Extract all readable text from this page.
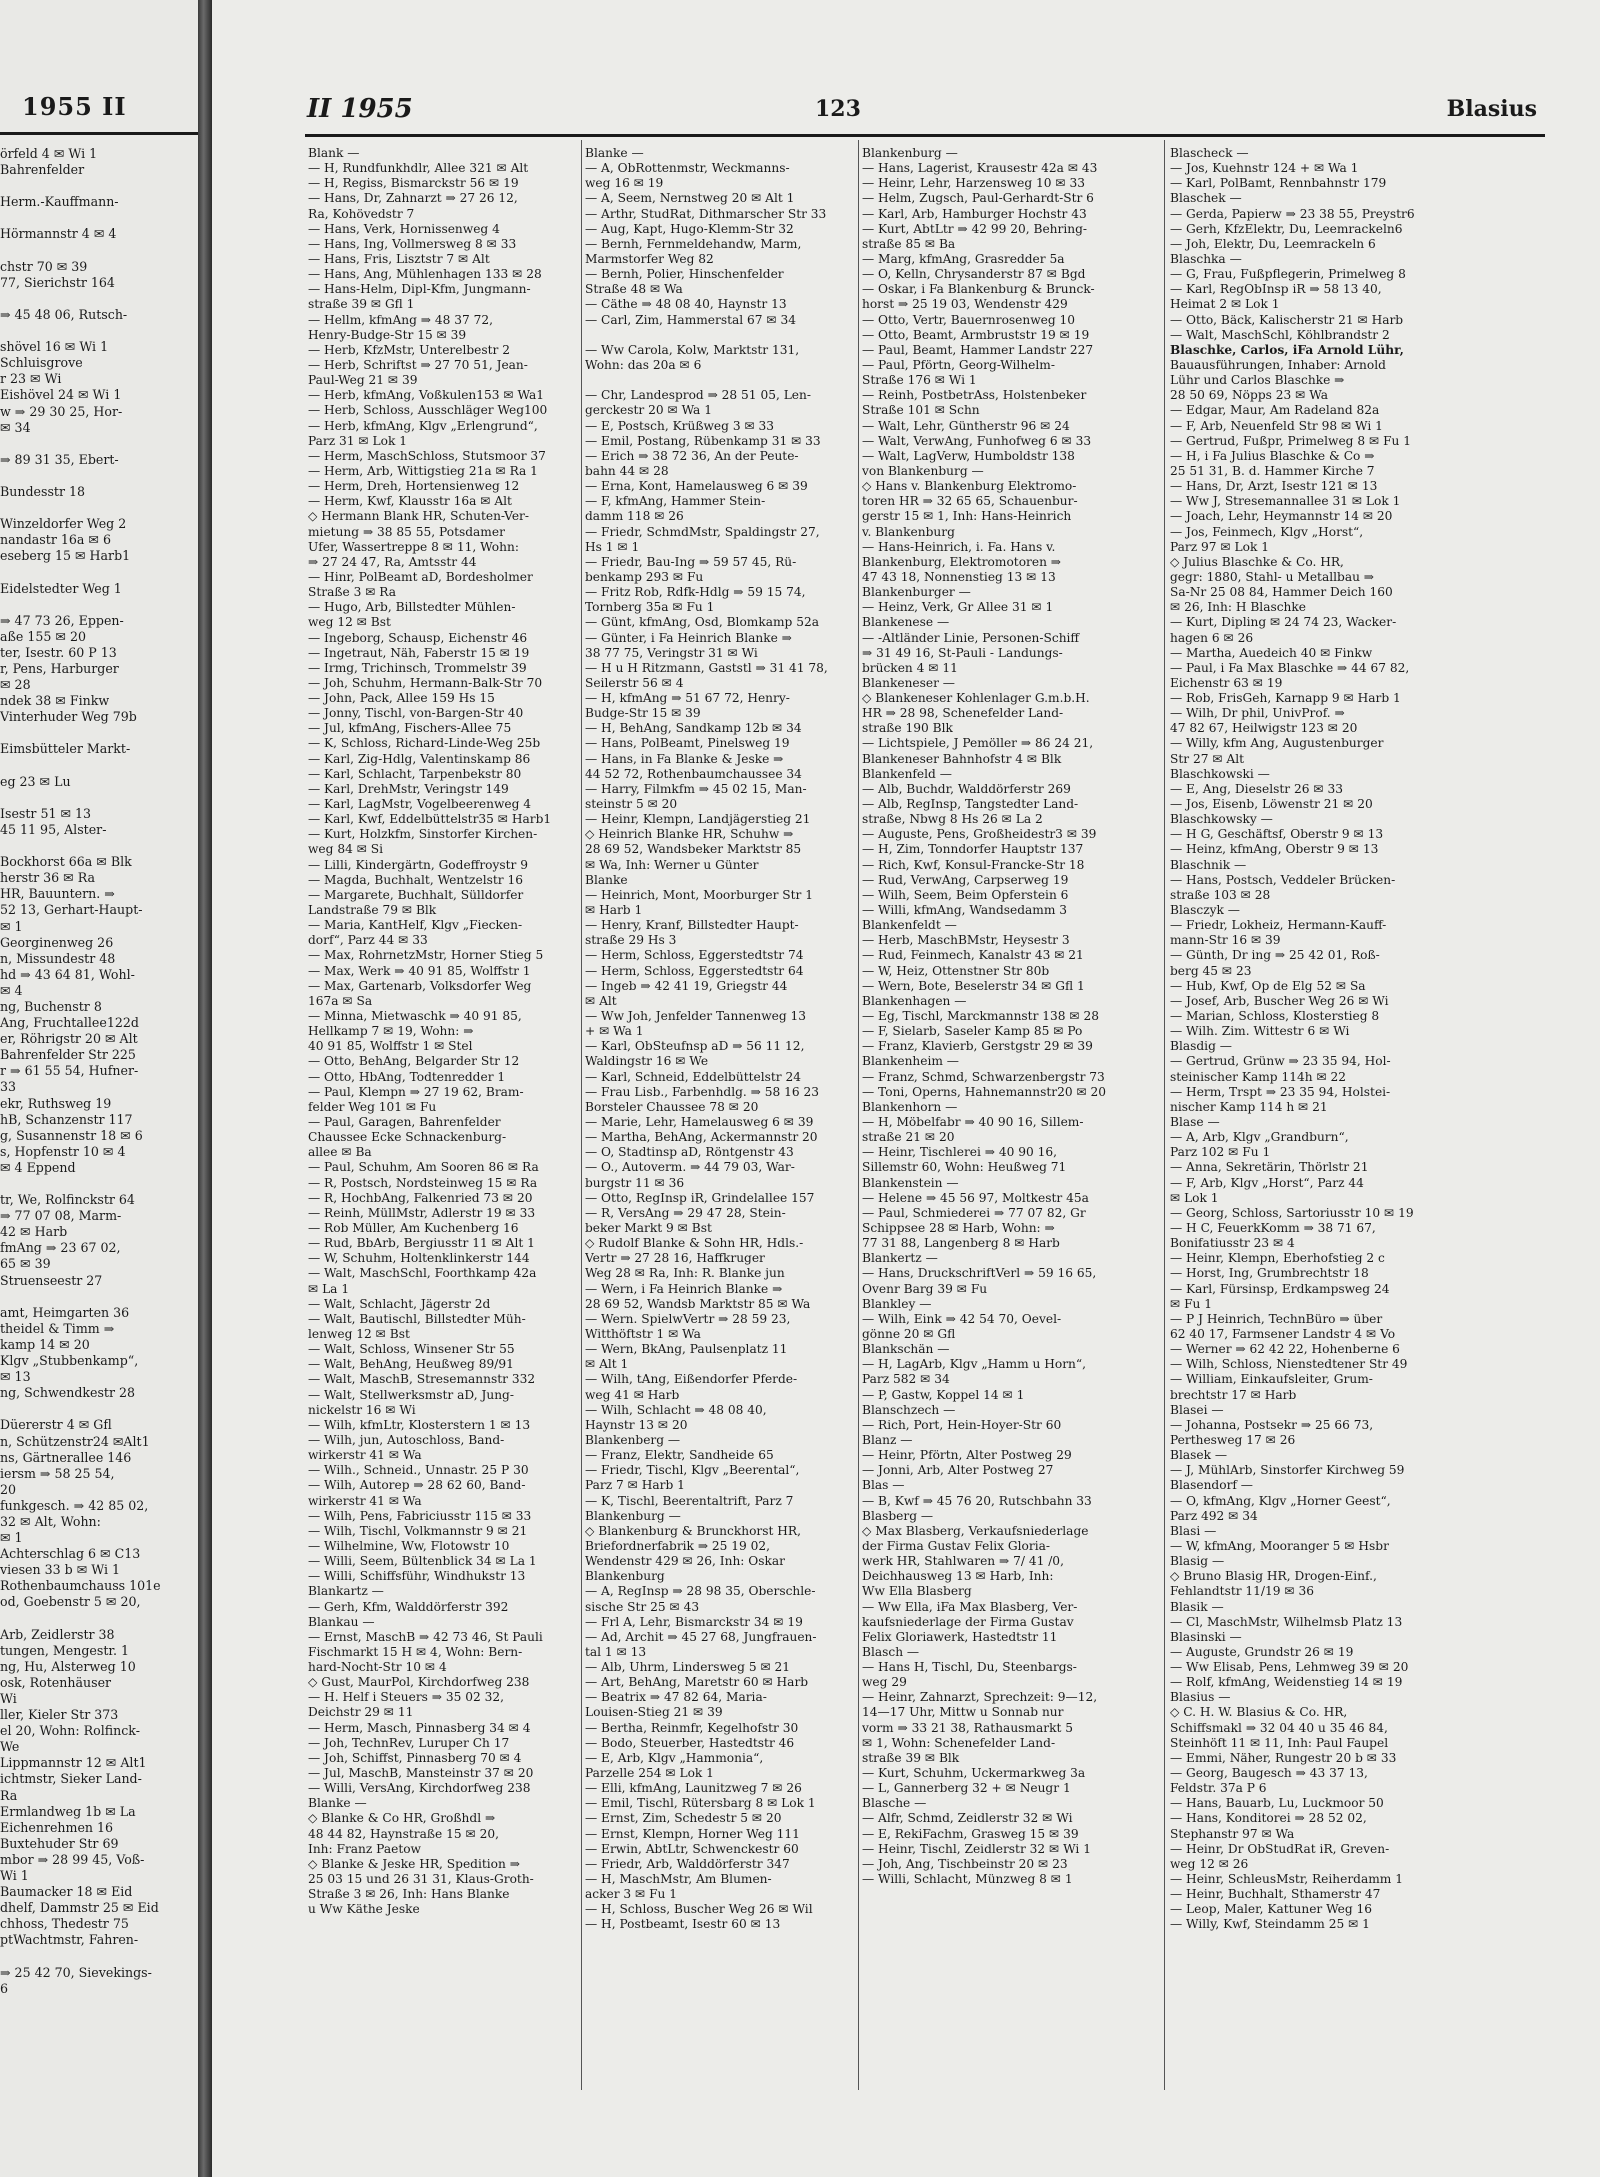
1955 II
örfeld 4 ✉ Wi 1
Bahrenfelder
Herm.-Kauffmann-
Hörmannstr 4 ✉ 4
chstr 70 ✉ 39
77, Sierichstr 164
⇒ 45 48 06, Rutsch-
shövel 16 ✉ Wi 1
Schluisgrove
r 23 ✉ Wi
Eishövel 24 ✉ Wi 1
w ⇒ 29 30 25, Hor-
✉ 34
⇒ 89 31 35, Ebert-
Bundesstr 18
Winzeldorfer Weg 2
nandastr 16a ✉ 6
eseberg 15 ✉ Harb1
Eidelstedter Weg 1
⇒ 47 73 26, Eppen-
aße 155 ✉ 20
ter, Isestr. 60 P 13
r, Pens, Harburger
✉ 28
ndek 38 ✉ Finkw
Vinterhuder Weg 79b
Eimsbütteler Markt-
eg 23 ✉ Lu
Isestr 51 ✉ 13
45 11 95, Alster-
Bockhorst 66a ✉ Blk
herstr 36 ✉ Ra
HR, Bauuntern. ⇒
52 13, Gerhart-Haupt-
✉ 1
Georginenweg 26
n, Missundestr 48
hd ⇒ 43 64 81, Wohl-
✉ 4
ng, Buchenstr 8
Ang, Fruchtallee122d
er, Röhrigstr 20 ✉ Alt
Bahrenfelder Str 225
r ⇒ 61 55 54, Hufner-
33
ekr, Ruthsweg 19
hB, Schanzenstr 117
g, Susannenstr 18 ✉ 6
s, Hopfenstr 10 ✉ 4
✉ 4 Eppend
tr, We, Rolfinckstr 64
⇒ 77 07 08, Marm-
42 ✉ Harb
fmAng ⇒ 23 67 02,
65 ✉ 39
Struenseestr 27
amt, Heimgarten 36
theidel & Timm ⇒
kamp 14 ✉ 20
Klgv „Stubbenkamp“,
✉ 13
ng, Schwendkestr 28
Düererstr 4 ✉ Gfl
n, Schützenstr24 ✉Alt1
ns, Gärtnerallee 146
iersm ⇒ 58 25 54,
20
funkgesch. ⇒ 42 85 02,
32 ✉ Alt, Wohn:
✉ 1
Achterschlag 6 ✉ C13
viesen 33 b ✉ Wi 1
Rothenbaumchauss 101e
od, Goebenstr 5 ✉ 20,
Arb, Zeidlerstr 38
tungen, Mengestr. 1
ng, Hu, Alsterweg 10
osk, Rotenhäuser
Wi
ller, Kieler Str 373
el 20, Wohn: Rolfinck-
We
Lippmannstr 12 ✉ Alt1
ichtmstr, Sieker Land-
Ra
Ermlandweg 1b ✉ La
Eichenrehmen 16
Buxtehuder Str 69
mbor ⇒ 28 99 45, Voß-
Wi 1
Baumacker 18 ✉ Eid
dhelf, Dammstr 25 ✉ Eid
chhoss, Thedestr 75
ptWachtmstr, Fahren-
⇒ 25 42 70, Sievekings-
6
II 1955	123	Blasius
Blank —
— H, Rundfunkhdlr, Allee 321 ✉ Alt
— H, Regiss, Bismarckstr 56 ✉ 19
— Hans, Dr, Zahnarzt ⇒ 27 26 12,
Ra, Kohövedstr 7
— Hans, Verk, Hornissenweg 4
— Hans, Ing, Vollmersweg 8 ✉ 33
— Hans, Fris, Lisztstr 7 ✉ Alt
— Hans, Ang, Mühlenhagen 133 ✉ 28
— Hans-Helm, Dipl-Kfm, Jungmann-
straße 39 ✉ Gfl 1
— Hellm, kfmAng ⇒ 48 37 72,
Henry-Budge-Str 15 ✉ 39
— Herb, KfzMstr, Unterelbestr 2
— Herb, Schriftst ⇒ 27 70 51, Jean-
Paul-Weg 21 ✉ 39
— Herb, kfmAng, Voßkulen153 ✉ Wa1
— Herb, Schloss, Ausschläger Weg100
— Herb, kfmAng, Klgv „Erlengrund“,
Parz 31 ✉ Lok 1
— Herm, MaschSchloss, Stutsmoor 37
— Herm, Arb, Wittigstieg 21a ✉ Ra 1
— Herm, Dreh, Hortensienweg 12
— Herm, Kwf, Klausstr 16a ✉ Alt
◇ Hermann Blank HR, Schuten-Ver-
mietung ⇒ 38 85 55, Potsdamer
Ufer, Wassertreppe 8 ✉ 11, Wohn:
⇒ 27 24 47, Ra, Amtsstr 44
— Hinr, PolBeamt aD, Bordesholmer
Straße 3 ✉ Ra
— Hugo, Arb, Billstedter Mühlen-
weg 12 ✉ Bst
— Ingeborg, Schausp, Eichenstr 46
— Ingetraut, Näh, Faberstr 15 ✉ 19
— Irmg, Trichinsch, Trommelstr 39
— Joh, Schuhm, Hermann-Balk-Str 70
— John, Pack, Allee 159 Hs 15
— Jonny, Tischl, von-Bargen-Str 40
— Jul, kfmAng, Fischers-Allee 75
— K, Schloss, Richard-Linde-Weg 25b
— Karl, Zig-Hdlg, Valentinskamp 86
— Karl, Schlacht, Tarpenbekstr 80
— Karl, DrehMstr, Veringstr 149
— Karl, LagMstr, Vogelbeerenweg 4
— Karl, Kwf, Eddelbüttelstr35 ✉ Harb1
— Kurt, Holzkfm, Sinstorfer Kirchen-
weg 84 ✉ Si
— Lilli, Kindergärtn, Godeffroystr 9
— Magda, Buchhalt, Wentzelstr 16
— Margarete, Buchhalt, Sülldorfer
Landstraße 79 ✉ Blk
— Maria, KantHelf, Klgv „Fiecken-
dorf“, Parz 44 ✉ 33
— Max, RohrnetzMstr, Horner Stieg 5
— Max, Werk ⇒ 40 91 85, Wolffstr 1
— Max, Gartenarb, Volksdorfer Weg
167a ✉ Sa
— Minna, Mietwaschk ⇒ 40 91 85,
Hellkamp 7 ✉ 19, Wohn: ⇒
40 91 85, Wolffstr 1 ✉ Stel
— Otto, BehAng, Belgarder Str 12
— Otto, HbAng, Todtenredder 1
— Paul, Klempn ⇒ 27 19 62, Bram-
felder Weg 101 ✉ Fu
— Paul, Garagen, Bahrenfelder
Chaussee Ecke Schnackenburg-
allee ✉ Ba
— Paul, Schuhm, Am Sooren 86 ✉ Ra
— R, Postsch, Nordsteinweg 15 ✉ Ra
— R, HochbAng, Falkenried 73 ✉ 20
— Reinh, MüllMstr, Adlerstr 19 ✉ 33
— Rob Müller, Am Kuchenberg 16
— Rud, BbArb, Bergiusstr 11 ✉ Alt 1
— W, Schuhm, Holtenklinkerstr 144
— Walt, MaschSchl, Foorthkamp 42a
✉ La 1
— Walt, Schlacht, Jägerstr 2d
— Walt, Bautischl, Billstedter Müh-
lenweg 12 ✉ Bst
— Walt, Schloss, Winsener Str 55
— Walt, BehAng, Heußweg 89/91
— Walt, MaschB, Stresemannstr 332
— Walt, Stellwerksmstr aD, Jung-
nickelstr 16 ✉ Wi
— Wilh, kfmLtr, Klosterstern 1 ✉ 13
— Wilh, jun, Autoschloss, Band-
wirkerstr 41 ✉ Wa
— Wilh., Schneid., Unnastr. 25 P 30
— Wilh, Autorep ⇒ 28 62 60, Band-
wirkerstr 41 ✉ Wa
— Wilh, Pens, Fabriciusstr 115 ✉ 33
— Wilh, Tischl, Volkmannstr 9 ✉ 21
— Wilhelmine, Ww, Flotowstr 10
— Willi, Seem, Bültenblick 34 ✉ La 1
— Willi, Schiffsführ, Windhukstr 13
Blankartz —
— Gerh, Kfm, Walddörferstr 392
Blankau —
— Ernst, MaschB ⇒ 42 73 46, St Pauli
Fischmarkt 15 H ✉ 4, Wohn: Bern-
hard-Nocht-Str 10 ✉ 4
◇ Gust, MaurPol, Kirchdorfweg 238
— H. Helf i Steuers ⇒ 35 02 32,
Deichstr 29 ✉ 11
— Herm, Masch, Pinnasberg 34 ✉ 4
— Joh, TechnRev, Luruper Ch 17
— Joh, Schiffst, Pinnasberg 70 ✉ 4
— Jul, MaschB, Mansteinstr 37 ✉ 20
— Willi, VersAng, Kirchdorfweg 238
Blanke —
◇ Blanke & Co HR, Großhdl ⇒
48 44 82, Haynstraße 15 ✉ 20,
Inh: Franz Paetow
◇ Blanke & Jeske HR, Spedition ⇒
25 03 15 und 26 31 31, Klaus-Groth-
Straße 3 ✉ 26, Inh: Hans Blanke
u Ww Käthe Jeske
Blanke —
— A, ObRottenmstr, Weckmanns-
weg 16 ✉ 19
— A, Seem, Nernstweg 20 ✉ Alt 1
— Arthr, StudRat, Dithmarscher Str 33
— Aug, Kapt, Hugo-Klemm-Str 32
— Bernh, Fernmeldehandw, Marm,
Marmstorfer Weg 82
— Bernh, Polier, Hinschenfelder
Straße 48 ✉ Wa
— Cäthe ⇒ 48 08 40, Haynstr 13
— Carl, Zim, Hammerstal 67 ✉ 34
— Ww Carola, Kolw, Marktstr 131,
Wohn: das 20a ✉ 6
— Chr, Landesprod ⇒ 28 51 05, Len-
gerckestr 20 ✉ Wa 1
— E, Postsch, Krüßweg 3 ✉ 33
— Emil, Postang, Rübenkamp 31 ✉ 33
— Erich ⇒ 38 72 36, An der Peute-
bahn 44 ✉ 28
— Erna, Kont, Hamelausweg 6 ✉ 39
— F, kfmAng, Hammer Stein-
damm 118 ✉ 26
— Friedr, SchmdMstr, Spaldingstr 27,
Hs 1 ✉ 1
— Friedr, Bau-Ing ⇒ 59 57 45, Rü-
benkamp 293 ✉ Fu
— Fritz Rob, Rdfk-Hdlg ⇒ 59 15 74,
Tornberg 35a ✉ Fu 1
— Günt, kfmAng, Osd, Blomkamp 52a
— Günter, i Fa Heinrich Blanke ⇒
38 77 75, Veringstr 31 ✉ Wi
— H u H Ritzmann, Gaststl ⇒ 31 41 78,
Seilerstr 56 ✉ 4
— H, kfmAng ⇒ 51 67 72, Henry-
Budge-Str 15 ✉ 39
— H, BehAng, Sandkamp 12b ✉ 34
— Hans, PolBeamt, Pinelsweg 19
— Hans, in Fa Blanke & Jeske ⇒
44 52 72, Rothenbaumchaussee 34
— Harry, Filmkfm ⇒ 45 02 15, Man-
steinstr 5 ✉ 20
— Heinr, Klempn, Landjägerstieg 21
◇ Heinrich Blanke HR, Schuhw ⇒
28 69 52, Wandsbeker Marktstr 85
✉ Wa, Inh: Werner u Günter
Blanke
— Heinrich, Mont, Moorburger Str 1
✉ Harb 1
— Henry, Kranf, Billstedter Haupt-
straße 29 Hs 3
— Herm, Schloss, Eggerstedtstr 74
— Herm, Schloss, Eggerstedtstr 64
— Ingeb ⇒ 42 41 19, Griegstr 44
✉ Alt
— Ww Joh, Jenfelder Tannenweg 13
+ ✉ Wa 1
— Karl, ObSteufnsp aD ⇒ 56 11 12,
Waldingstr 16 ✉ We
— Karl, Schneid, Eddelbüttelstr 24
— Frau Lisb., Farbenhdlg. ⇒ 58 16 23
Borsteler Chaussee 78 ✉ 20
— Marie, Lehr, Hamelausweg 6 ✉ 39
— Martha, BehAng, Ackermannstr 20
— O, Stadtinsp aD, Röntgenstr 43
— O., Autoverm. ⇒ 44 79 03, War-
burgstr 11 ✉ 36
— Otto, RegInsp iR, Grindelallee 157
— R, VersAng ⇒ 29 47 28, Stein-
beker Markt 9 ✉ Bst
◇ Rudolf Blanke & Sohn HR, Hdls.-
Vertr ⇒ 27 28 16, Haffkruger
Weg 28 ✉ Ra, Inh: R. Blanke jun
— Wern, i Fa Heinrich Blanke ⇒
28 69 52, Wandsb Marktstr 85 ✉ Wa
— Wern. SpielwVertr ⇒ 28 59 23,
Witthöftstr 1 ✉ Wa
— Wern, BkAng, Paulsenplatz 11
✉ Alt 1
— Wilh, tAng, Eißendorfer Pferde-
weg 41 ✉ Harb
— Wilh, Schlacht ⇒ 48 08 40,
Haynstr 13 ✉ 20
Blankenberg —
— Franz, Elektr, Sandheide 65
— Friedr, Tischl, Klgv „Beerental“,
Parz 7 ✉ Harb 1
— K, Tischl, Beerentaltrift, Parz 7
Blankenburg —
◇ Blankenburg & Brunckhorst HR,
Briefordnerfabrik ⇒ 25 19 02,
Wendenstr 429 ✉ 26, Inh: Oskar
Blankenburg
— A, RegInsp ⇒ 28 98 35, Oberschle-
sische Str 25 ✉ 43
— Frl A, Lehr, Bismarckstr 34 ✉ 19
— Ad, Archit ⇒ 45 27 68, Jungfrauen-
tal 1 ✉ 13
— Alb, Uhrm, Lindersweg 5 ✉ 21
— Art, BehAng, Maretstr 60 ✉ Harb
— Beatrix ⇒ 47 82 64, Maria-
Louisen-Stieg 21 ✉ 39
— Bertha, Reinmfr, Kegelhofstr 30
— Bodo, Steuerber, Hastedtstr 46
— E, Arb, Klgv „Hammonia“,
Parzelle 254 ✉ Lok 1
— Elli, kfmAng, Launitzweg 7 ✉ 26
— Emil, Tischl, Rütersbarg 8 ✉ Lok 1
— Ernst, Zim, Schedestr 5 ✉ 20
— Ernst, Klempn, Horner Weg 111
— Erwin, AbtLtr, Schwenckestr 60
— Friedr, Arb, Walddörferstr 347
— H, MaschMstr, Am Blumen-
acker 3 ✉ Fu 1
— H, Schloss, Buscher Weg 26 ✉ Wil
— H, Postbeamt, Isestr 60 ✉ 13
Blankenburg —
— Hans, Lagerist, Krausestr 42a ✉ 43
— Heinr, Lehr, Harzensweg 10 ✉ 33
— Helm, Zugsch, Paul-Gerhardt-Str 6
— Karl, Arb, Hamburger Hochstr 43
— Kurt, AbtLtr ⇒ 42 99 20, Behring-
straße 85 ✉ Ba
— Marg, kfmAng, Grasredder 5a
— O, Kelln, Chrysanderstr 87 ✉ Bgd
— Oskar, i Fa Blankenburg & Brunck-
horst ⇒ 25 19 03, Wendenstr 429
— Otto, Vertr, Bauernrosenweg 10
— Otto, Beamt, Armbruststr 19 ✉ 19
— Paul, Beamt, Hammer Landstr 227
— Paul, Pförtn, Georg-Wilhelm-
Straße 176 ✉ Wi 1
— Reinh, PostbetrAss, Holstenbeker
Straße 101 ✉ Schn
— Walt, Lehr, Güntherstr 96 ✉ 24
— Walt, VerwAng, Funhofweg 6 ✉ 33
— Walt, LagVerw, Humboldstr 138
von Blankenburg —
◇ Hans v. Blankenburg Elektromo-
toren HR ⇒ 32 65 65, Schauenbur-
gerstr 15 ✉ 1, Inh: Hans-Heinrich
v. Blankenburg
— Hans-Heinrich, i. Fa. Hans v.
Blankenburg, Elektromotoren ⇒
47 43 18, Nonnenstieg 13 ✉ 13
Blankenburger —
— Heinz, Verk, Gr Allee 31 ✉ 1
Blankenese —
— -Altländer Linie, Personen-Schiff
⇒ 31 49 16, St-Pauli - Landungs-
brücken 4 ✉ 11
Blankeneser —
◇ Blankeneser Kohlenlager G.m.b.H.
HR ⇒ 28 98, Schenefelder Land-
straße 190 Blk
— Lichtspiele, J Pemöller ⇒ 86 24 21,
Blankeneser Bahnhofstr 4 ✉ Blk
Blankenfeld —
— Alb, Buchdr, Walddörferstr 269
— Alb, RegInsp, Tangstedter Land-
straße, Nbwg 8 Hs 26 ✉ La 2
— Auguste, Pens, Großheidestr3 ✉ 39
— H, Zim, Tonndorfer Hauptstr 137
— Rich, Kwf, Konsul-Francke-Str 18
— Rud, VerwAng, Carpserweg 19
— Wilh, Seem, Beim Opferstein 6
— Willi, kfmAng, Wandsedamm 3
Blankenfeldt —
— Herb, MaschBMstr, Heysestr 3
— Rud, Feinmech, Kanalstr 43 ✉ 21
— W, Heiz, Ottenstner Str 80b
— Wern, Bote, Beselerstr 34 ✉ Gfl 1
Blankenhagen —
— Eg, Tischl, Marckmannstr 138 ✉ 28
— F, Sielarb, Saseler Kamp 85 ✉ Po
— Franz, Klavierb, Gerstgstr 29 ✉ 39
Blankenheim —
— Franz, Schmd, Schwarzenbergstr 73
— Toni, Operns, Hahnemannstr20 ✉ 20
Blankenhorn —
— H, Möbelfabr ⇒ 40 90 16, Sillem-
straße 21 ✉ 20
— Heinr, Tischlerei ⇒ 40 90 16,
Sillemstr 60, Wohn: Heußweg 71
Blankenstein —
— Helene ⇒ 45 56 97, Moltkestr 45a
— Paul, Schmiederei ⇒ 77 07 82, Gr
Schippsee 28 ✉ Harb, Wohn: ⇒
77 31 88, Langenberg 8 ✉ Harb
Blankertz —
— Hans, DruckschriftVerl ⇒ 59 16 65,
Ovenr Barg 39 ✉ Fu
Blankley —
— Wilh, Eink ⇒ 42 54 70, Oevel-
gönne 20 ✉ Gfl
Blankschän —
— H, LagArb, Klgv „Hamm u Horn“,
Parz 582 ✉ 34
— P, Gastw, Koppel 14 ✉ 1
Blanschzech —
— Rich, Port, Hein-Hoyer-Str 60
Blanz —
— Heinr, Pförtn, Alter Postweg 29
— Jonni, Arb, Alter Postweg 27
Blas —
— B, Kwf ⇒ 45 76 20, Rutschbahn 33
Blasberg —
◇ Max Blasberg, Verkaufsniederlage
der Firma Gustav Felix Gloria-
werk HR, Stahlwaren ⇒ 7/ 41 /0,
Deichhausweg 13 ✉ Harb, Inh:
Ww Ella Blasberg
— Ww Ella, iFa Max Blasberg, Ver-
kaufsniederlage der Firma Gustav
Felix Gloriawerk, Hastedtstr 11
Blasch —
— Hans H, Tischl, Du, Steenbargs-
weg 29
— Heinr, Zahnarzt, Sprechzeit: 9—12,
14—17 Uhr, Mittw u Sonnab nur
vorm ⇒ 33 21 38, Rathausmarkt 5
✉ 1, Wohn: Schenefelder Land-
straße 39 ✉ Blk
— Kurt, Schuhm, Uckermarkweg 3a
— L, Gannerberg 32 + ✉ Neugr 1
Blasche —
— Alfr, Schmd, Zeidlerstr 32 ✉ Wi
— E, RekiFachm, Grasweg 15 ✉ 39
— Heinr, Tischl, Zeidlerstr 32 ✉ Wi 1
— Joh, Ang, Tischbeinstr 20 ✉ 23
— Willi, Schlacht, Münzweg 8 ✉ 1
Blascheck —
— Jos, Kuehnstr 124 + ✉ Wa 1
— Karl, PolBamt, Rennbahnstr 179
Blaschek —
— Gerda, Papierw ⇒ 23 38 55, Preystr6
— Gerh, KfzElektr, Du, Leemrackeln6
— Joh, Elektr, Du, Leemrackeln 6
Blaschka —
— G, Frau, Fußpflegerin, Primelweg 8
— Karl, RegObInsp iR ⇒ 58 13 40,
Heimat 2 ✉ Lok 1
— Otto, Bäck, Kalischerstr 21 ✉ Harb
— Walt, MaschSchl, Köhlbrandstr 2
Blaschke, Carlos, iFa Arnold Lühr,
Bauausführungen, Inhaber: Arnold
Lühr und Carlos Blaschke ⇒
28 50 69, Nöpps 23 ✉ Wa
— Edgar, Maur, Am Radeland 82a
— F, Arb, Neuenfeld Str 98 ✉ Wi 1
— Gertrud, Fußpr, Primelweg 8 ✉ Fu 1
— H, i Fa Julius Blaschke & Co ⇒
25 51 31, B. d. Hammer Kirche 7
— Hans, Dr, Arzt, Isestr 121 ✉ 13
— Ww J, Stresemannallee 31 ✉ Lok 1
— Joach, Lehr, Heymannstr 14 ✉ 20
— Jos, Feinmech, Klgv „Horst“,
Parz 97 ✉ Lok 1
◇ Julius Blaschke & Co. HR,
gegr: 1880, Stahl- u Metallbau ⇒
Sa-Nr 25 08 84, Hammer Deich 160
✉ 26, Inh: H Blaschke
— Kurt, Dipling ✉ 24 74 23, Wacker-
hagen 6 ✉ 26
— Martha, Auedeich 40 ✉ Finkw
— Paul, i Fa Max Blaschke ⇒ 44 67 82,
Eichenstr 63 ✉ 19
— Rob, FrisGeh, Karnapp 9 ✉ Harb 1
— Wilh, Dr phil, UnivProf. ⇒
47 82 67, Heilwigstr 123 ✉ 20
— Willy, kfm Ang, Augustenburger
Str 27 ✉ Alt
Blaschkowski —
— E, Ang, Dieselstr 26 ✉ 33
— Jos, Eisenb, Löwenstr 21 ✉ 20
Blaschkowsky —
— H G, Geschäftsf, Oberstr 9 ✉ 13
— Heinz, kfmAng, Oberstr 9 ✉ 13
Blaschnik —
— Hans, Postsch, Veddeler Brücken-
straße 103 ✉ 28
Blasczyk —
— Friedr, Lokheiz, Hermann-Kauff-
mann-Str 16 ✉ 39
— Günth, Dr ing ⇒ 25 42 01, Roß-
berg 45 ✉ 23
— Hub, Kwf, Op de Elg 52 ✉ Sa
— Josef, Arb, Buscher Weg 26 ✉ Wi
— Marian, Schloss, Klosterstieg 8
— Wilh. Zim. Wittestr 6 ✉ Wi
Blasdig —
— Gertrud, Grünw ⇒ 23 35 94, Hol-
steinischer Kamp 114h ✉ 22
— Herm, Trspt ⇒ 23 35 94, Holstei-
nischer Kamp 114 h ✉ 21
Blase —
— A, Arb, Klgv „Grandburn“,
Parz 102 ✉ Fu 1
— Anna, Sekretärin, Thörlstr 21
— F, Arb, Klgv „Horst“, Parz 44
✉ Lok 1
— Georg, Schloss, Sartoriusstr 10 ✉ 19
— H C, FeuerkKomm ⇒ 38 71 67,
Bonifatiusstr 23 ✉ 4
— Heinr, Klempn, Eberhofstieg 2 c
— Horst, Ing, Grumbrechtstr 18
— Karl, Fürsinsp, Erdkampsweg 24
✉ Fu 1
— P J Heinrich, TechnBüro ⇒ über
62 40 17, Farmsener Landstr 4 ✉ Vo
— Werner ⇒ 62 42 22, Hohenberne 6
— Wilh, Schloss, Nienstedtener Str 49
— William, Einkaufsleiter, Grum-
brechtstr 17 ✉ Harb
Blasei —
— Johanna, Postsekr ⇒ 25 66 73,
Perthesweg 17 ✉ 26
Blasek —
— J, MühlArb, Sinstorfer Kirchweg 59
Blasendorf —
— O, kfmAng, Klgv „Horner Geest“,
Parz 492 ✉ 34
Blasi —
— W, kfmAng, Mooranger 5 ✉ Hsbr
Blasig —
◇ Bruno Blasig HR, Drogen-Einf.,
Fehlandtstr 11/19 ✉ 36
Blasik —
— Cl, MaschMstr, Wilhelmsb Platz 13
Blasinski —
— Auguste, Grundstr 26 ✉ 19
— Ww Elisab, Pens, Lehmweg 39 ✉ 20
— Rolf, kfmAng, Weidenstieg 14 ✉ 19
Blasius —
◇ C. H. W. Blasius & Co. HR,
Schiffsmakl ⇒ 32 04 40 u 35 46 84,
Steinhöft 11 ✉ 11, Inh: Paul Faupel
— Emmi, Näher, Rungestr 20 b ✉ 33
— Georg, Baugesch ⇒ 43 37 13,
Feldstr. 37a P 6
— Hans, Bauarb, Lu, Luckmoor 50
— Hans, Konditorei ⇒ 28 52 02,
Stephanstr 97 ✉ Wa
— Heinr, Dr ObStudRat iR, Greven-
weg 12 ✉ 26
— Heinr, SchleusMstr, Reiherdamm 1
— Heinr, Buchhalt, Sthamerstr 47
— Leop, Maler, Kattuner Weg 16
— Willy, Kwf, Steindamm 25 ✉ 1
